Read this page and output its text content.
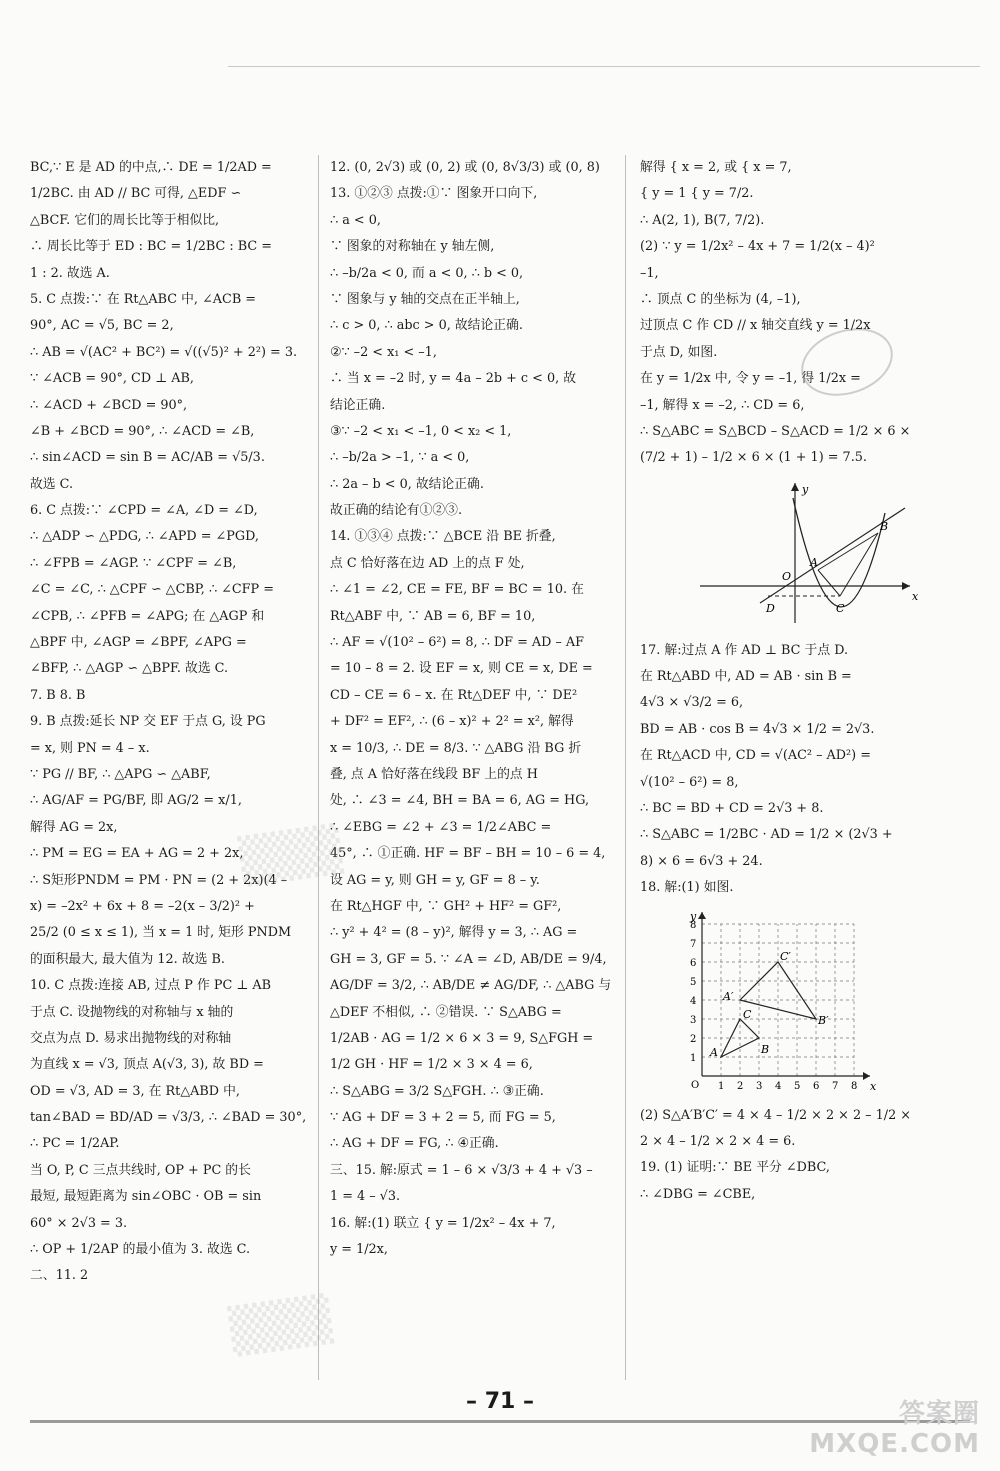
BC,∵ E 是 AD 的中点,∴ DE = 1/2AD =
1/2BC. 由 AD // BC 可得, △EDF ∽
△BCF. 它们的周长比等于相似比,
∴ 周长比等于 ED : BC = 1/2BC : BC =
1 : 2. 故选 A.
5. C 点拨:∵ 在 Rt△ABC 中, ∠ACB =
90°, AC = √5, BC = 2,
∴ AB = √(AC² + BC²) = √((√5)² + 2²) = 3.
∵ ∠ACB = 90°, CD ⊥ AB,
∴ ∠ACD + ∠BCD = 90°,
∠B + ∠BCD = 90°, ∴ ∠ACD = ∠B,
∴ sin∠ACD = sin B = AC/AB = √5/3.
故选 C.
6. C 点拨:∵ ∠CPD = ∠A, ∠D = ∠D,
∴ △ADP ∽ △PDG, ∴ ∠APD = ∠PGD,
∴ ∠FPB = ∠AGP. ∵ ∠CPF = ∠B,
∠C = ∠C, ∴ △CPF ∽ △CBP, ∴ ∠CFP =
∠CPB, ∴ ∠PFB = ∠APG; 在 △AGP 和
△BPF 中, ∠AGP = ∠BPF, ∠APG =
∠BFP, ∴ △AGP ∽ △BPF. 故选 C.
7. B 8. B
9. B 点拨:延长 NP 交 EF 于点 G, 设 PG
= x, 则 PN = 4 – x.
∵ PG // BF, ∴ △APG ∽ △ABF,
∴ AG/AF = PG/BF, 即 AG/2 = x/1,
解得 AG = 2x,
∴ PM = EG = EA + AG = 2 + 2x,
∴ S矩形PNDM = PM · PN = (2 + 2x)(4 –
x) = –2x² + 6x + 8 = –2(x – 3/2)² +
25/2 (0 ≤ x ≤ 1), 当 x = 1 时, 矩形 PNDM
的面积最大, 最大值为 12. 故选 B.
10. C 点拨:连接 AB, 过点 P 作 PC ⊥ AB
于点 C. 设抛物线的对称轴与 x 轴的
交点为点 D. 易求出抛物线的对称轴
为直线 x = √3, 顶点 A(√3, 3), 故 BD =
OD = √3, AD = 3, 在 Rt△ABD 中,
tan∠BAD = BD/AD = √3/3, ∴ ∠BAD = 30°,
∴ PC = 1/2AP.
当 O, P, C 三点共线时, OP + PC 的长
最短, 最短距离为 sin∠OBC · OB = sin
60° × 2√3 = 3.
∴ OP + 1/2AP 的最小值为 3. 故选 C.
二、11. 2
12. (0, 2√3) 或 (0, 2) 或 (0, 8√3/3) 或 (0, 8)
13. ①②③ 点拨:①∵ 图象开口向下,
∴ a < 0,
∵ 图象的对称轴在 y 轴左侧,
∴ –b/2a < 0, 而 a < 0, ∴ b < 0,
∵ 图象与 y 轴的交点在正半轴上,
∴ c > 0, ∴ abc > 0, 故结论正确.
②∵ –2 < x₁ < –1,
∴ 当 x = –2 时, y = 4a – 2b + c < 0, 故
结论正确.
③∵ –2 < x₁ < –1, 0 < x₂ < 1,
∴ –b/2a > –1, ∵ a < 0,
∴ 2a – b < 0, 故结论正确.
故正确的结论有①②③.
14. ①③④ 点拨:∵ △BCE 沿 BE 折叠,
点 C 恰好落在边 AD 上的点 F 处,
∴ ∠1 = ∠2, CE = FE, BF = BC = 10. 在
Rt△ABF 中, ∵ AB = 6, BF = 10,
∴ AF = √(10² – 6²) = 8, ∴ DF = AD – AF
= 10 – 8 = 2. 设 EF = x, 则 CE = x, DE =
CD – CE = 6 – x. 在 Rt△DEF 中, ∵ DE²
+ DF² = EF², ∴ (6 – x)² + 2² = x², 解得
x = 10/3, ∴ DE = 8/3. ∵ △ABG 沿 BG 折
叠, 点 A 恰好落在线段 BF 上的点 H
处, ∴ ∠3 = ∠4, BH = BA = 6, AG = HG,
∴ ∠EBG = ∠2 + ∠3 = 1/2∠ABC =
45°, ∴ ①正确. HF = BF – BH = 10 – 6 = 4,
设 AG = y, 则 GH = y, GF = 8 – y.
在 Rt△HGF 中, ∵ GH² + HF² = GF²,
∴ y² + 4² = (8 – y)², 解得 y = 3, ∴ AG =
GH = 3, GF = 5. ∵ ∠A = ∠D, AB/DE = 9/4,
AG/DF = 3/2, ∴ AB/DE ≠ AG/DF, ∴ △ABG 与
△DEF 不相似, ∴ ②错误. ∵ S△ABG =
1/2AB · AG = 1/2 × 6 × 3 = 9, S△FGH =
1/2 GH · HF = 1/2 × 3 × 4 = 6,
∴ S△ABG = 3/2 S△FGH. ∴ ③正确.
∵ AG + DF = 3 + 2 = 5, 而 FG = 5,
∴ AG + DF = FG, ∴ ④正确.
三、15. 解:原式 = 1 – 6 × √3/3 + 4 + √3 –
1 = 4 – √3.
16. 解:(1) 联立 { y = 1/2x² – 4x + 7,
y = 1/2x,
解得 { x = 2, 或 { x = 7,
{ y = 1 { y = 7/2.
∴ A(2, 1), B(7, 7/2).
(2) ∵ y = 1/2x² – 4x + 7 = 1/2(x – 4)²
–1,
∴ 顶点 C 的坐标为 (4, –1),
过顶点 C 作 CD // x 轴交直线 y = 1/2x
于点 D, 如图.
在 y = 1/2x 中, 令 y = –1, 得 1/2x =
–1, 解得 x = –2, ∴ CD = 6,
∴ S△ABC = S△BCD – S△ACD = 1/2 × 6 ×
(7/2 + 1) – 1/2 × 6 × (1 + 1) = 7.5.
y
x
O
A
B
C
D
17. 解:过点 A 作 AD ⊥ BC 于点 D.
在 Rt△ABD 中, AD = AB · sin B =
4√3 × √3/2 = 6,
BD = AB · cos B = 4√3 × 1/2 = 2√3.
在 Rt△ACD 中, CD = √(AC² – AD²) =
√(10² – 6²) = 8,
∴ BC = BD + CD = 2√3 + 8.
∴ S△ABC = 1/2BC · AD = 1/2 × (2√3 +
8) × 6 = 6√3 + 24.
18. 解:(1) 如图.
y
x
O 1 2 3 4 5 6 7 8
1
2
3
4
5
6
7
8
A	B
C
A′
B′
C′
(2) S△A′B′C′ = 4 × 4 – 1/2 × 2 × 2 – 1/2 ×
2 × 4 – 1/2 × 2 × 4 = 6.
19. (1) 证明:∵ BE 平分 ∠DBC,
∴ ∠DBG = ∠CBE,
▒▒▒
▒▒▒
– 71 –	答案圈
MXQE.COM
